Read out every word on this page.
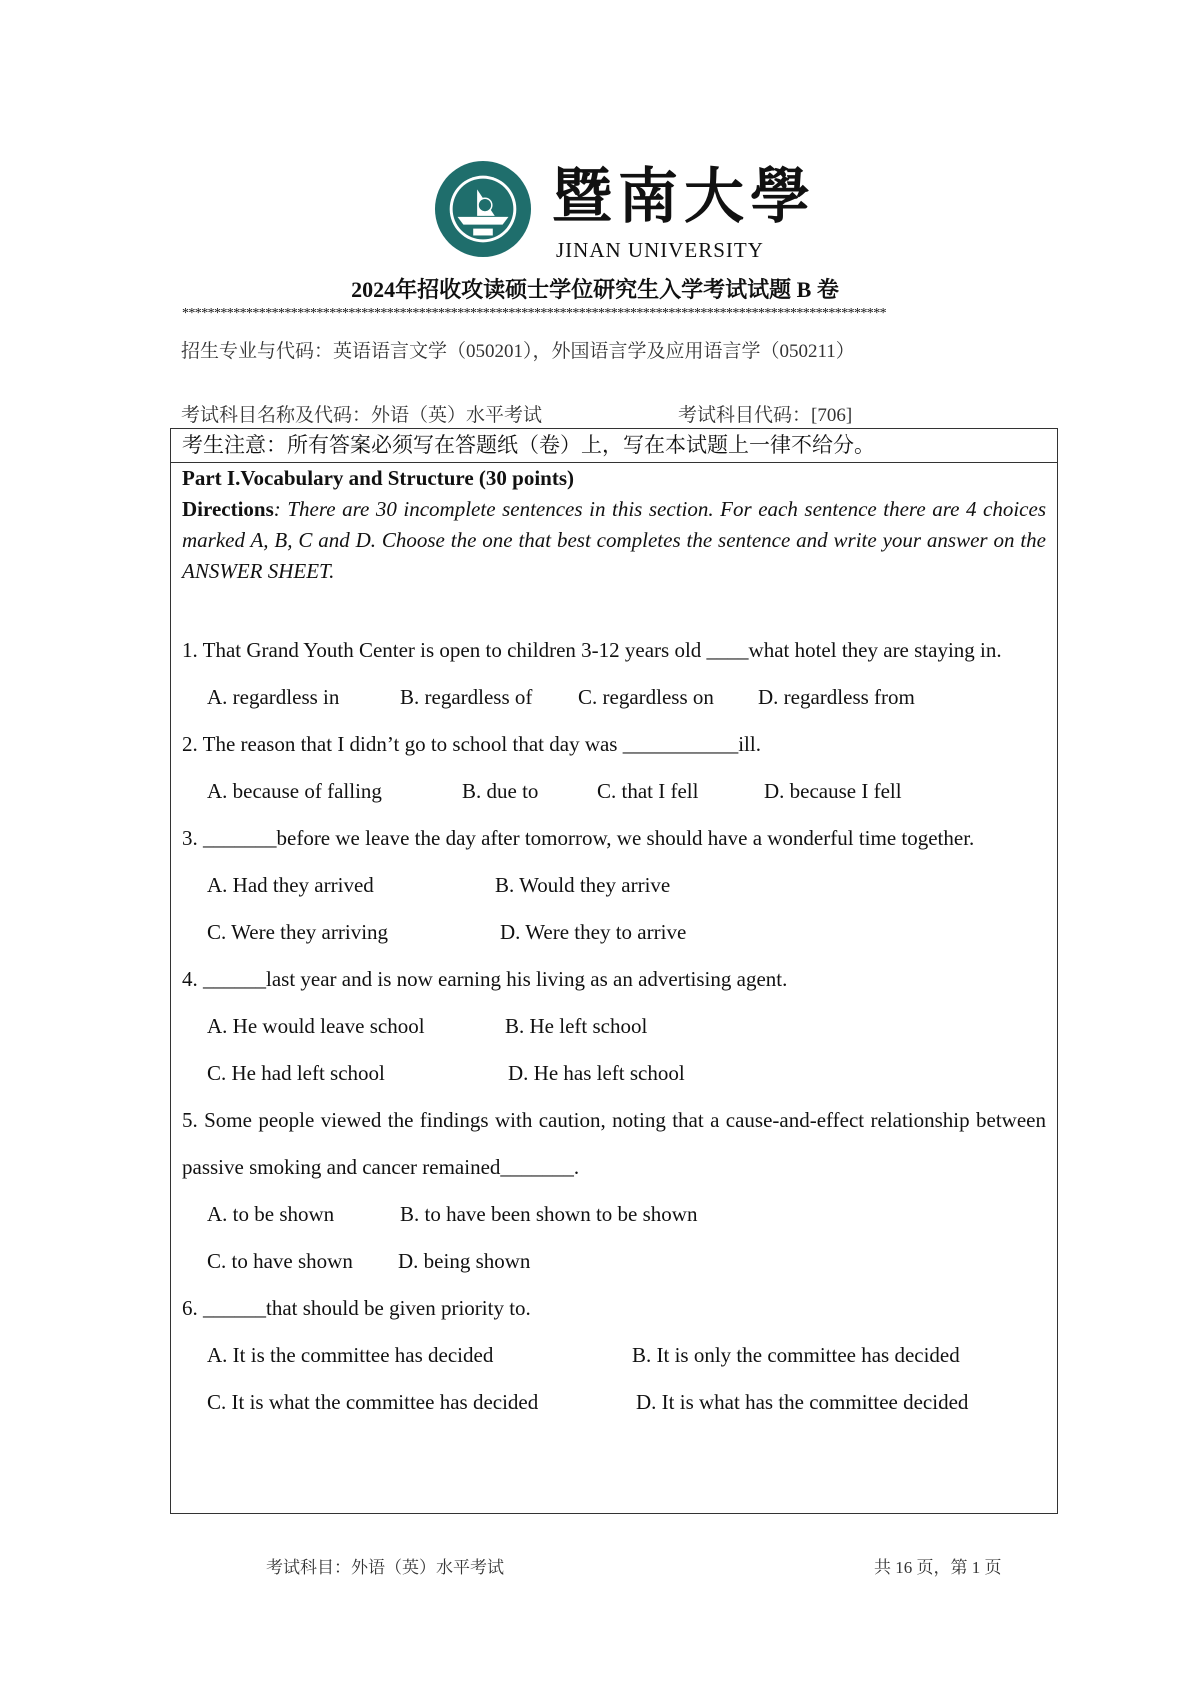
暨南大學
JINAN UNIVERSITY
2024年招收攻读硕士学位研究生入学考试试题 B 卷
**************************************************************************************************************
招生专业与代码：英语语言文学（050201），外国语言学及应用语言学（050211）
考试科目名称及代码：外语（英）水平考试	考试科目代码：[706]
考生注意：所有答案必须写在答题纸（卷）上，写在本试题上一律不给分。
Part I.Vocabulary and Structure (30 points)
Directions: There are 30 incomplete sentences in this section. For each sentence there are 4 choices marked A, B, C and D. Choose the one that best completes the sentence and write your answer on the ANSWER SHEET.
1. That Grand Youth Center is open to children 3-12 years old ____what hotel they are staying in.
A. regardless in	B. regardless of C. regardless on D. regardless from
2. The reason that I didn’t go to school that day was ___________ill.
A. because of falling	B. due to	C. that I fell	D. because I fell
3. _______before we leave the day after tomorrow, we should have a wonderful time together.
A. Had they arrived	B. Would they arrive
C. Were they arriving	D. Were they to arrive
4. ______last year and is now earning his living as an advertising agent.
A. He would leave school	B. He left school
C. He had left school	D. He has left school
5. Some people viewed the findings with caution, noting that a cause-and-effect relationship between passive smoking and cancer remained_______.
A. to be shown	B. to have been shown to be shown
C. to have shown D. being shown
6. ______that should be given priority to.
A. It is the committee has decided	B. It is only the committee has decided
C. It is what the committee has decided	D. It is what has the committee decided
考试科目：外语（英）水平考试	共 16 页，第 1 页
